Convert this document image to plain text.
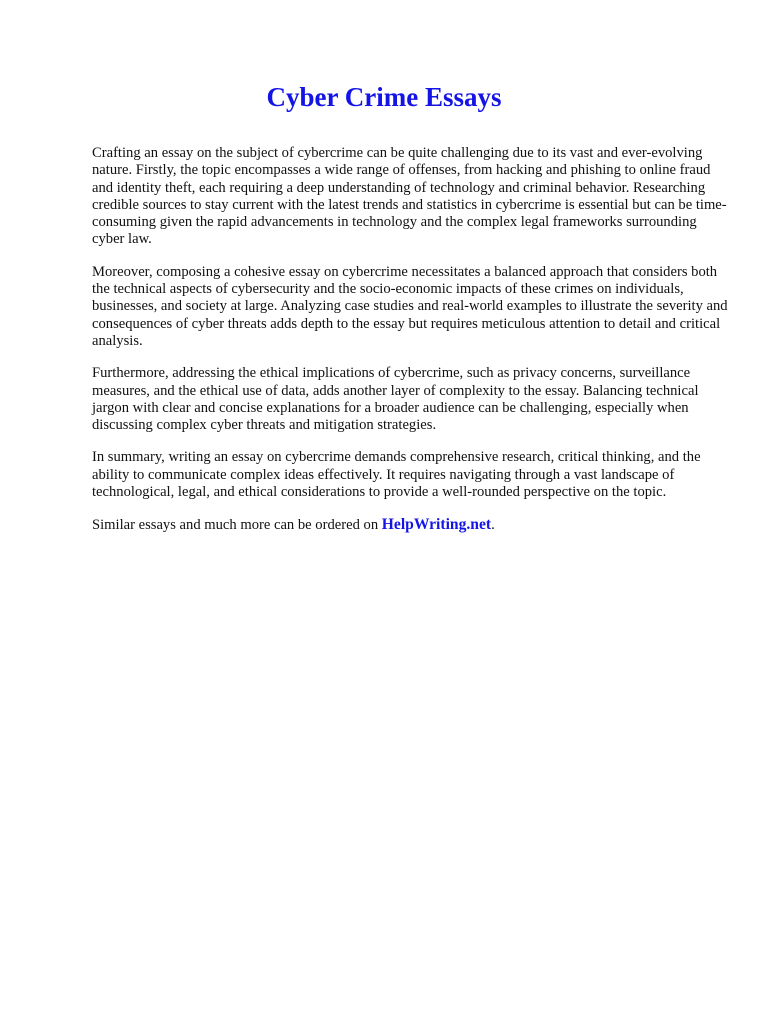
Cyber Crime Essays

Crafting an essay on the subject of cybercrime can be quite challenging due to its vast and ever-evolving nature. Firstly, the topic encompasses a wide range of offenses, from hacking and phishing to online fraud and identity theft, each requiring a deep understanding of technology and criminal behavior. Researching credible sources to stay current with the latest trends and statistics in cybercrime is essential but can be time-consuming given the rapid advancements in technology and the complex legal frameworks surrounding cyber law.

Moreover, composing a cohesive essay on cybercrime necessitates a balanced approach that considers both the technical aspects of cybersecurity and the socio-economic impacts of these crimes on individuals, businesses, and society at large. Analyzing case studies and real-world examples to illustrate the severity and consequences of cyber threats adds depth to the essay but requires meticulous attention to detail and critical analysis.

Furthermore, addressing the ethical implications of cybercrime, such as privacy concerns, surveillance measures, and the ethical use of data, adds another layer of complexity to the essay. Balancing technical jargon with clear and concise explanations for a broader audience can be challenging, especially when discussing complex cyber threats and mitigation strategies.

In summary, writing an essay on cybercrime demands comprehensive research, critical thinking, and the ability to communicate complex ideas effectively. It requires navigating through a vast landscape of technological, legal, and ethical considerations to provide a well-rounded perspective on the topic.

Similar essays and much more can be ordered on HelpWriting.net.
